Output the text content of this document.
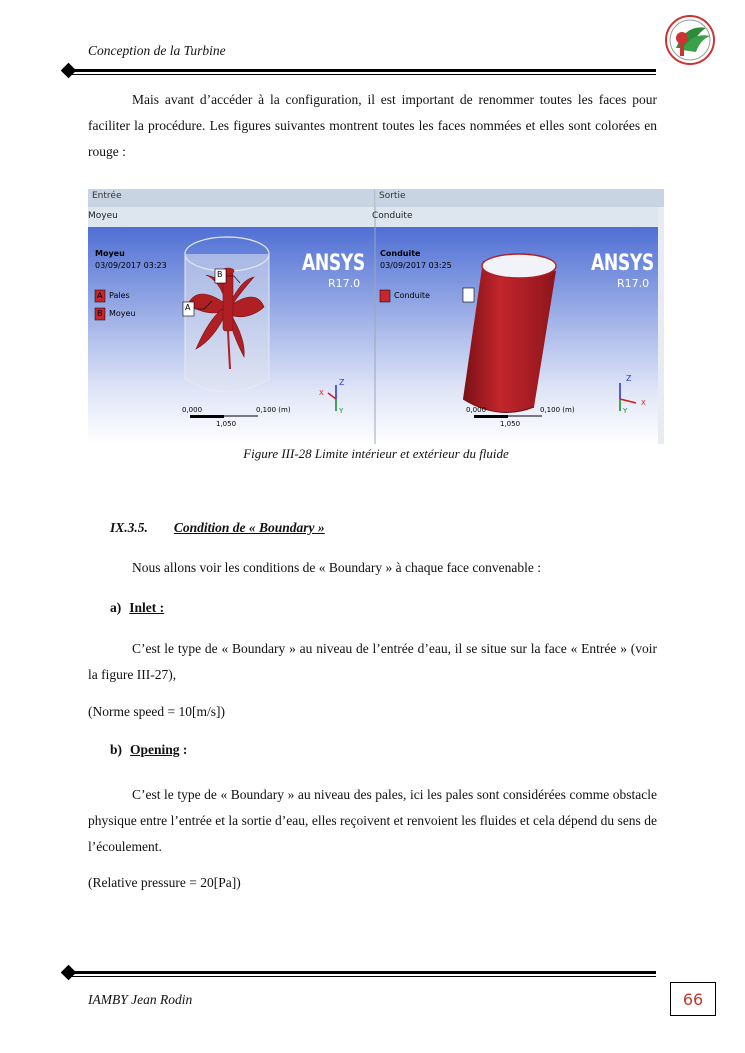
Conception de la Turbine
Mais avant d’accéder à la configuration, il est important de renommer toutes les faces pour faciliter la procédure. Les figures suivantes montrent toutes les faces nommées et elles sont colorées en rouge :
Entrée
Moyeu
Moyeu
03/09/2017 03:23
A Pales
B Moyeu
B
A
ANSYS
R17.0
0,000	0,100 (m)
1,050
Z
X
Y
Sortie
Conduite
Conduite
03/09/2017 03:25
Conduite
ANSYS
R17.0
0,000	0,100 (m)
1,050
Z
X
Y
Figure III-28 Limite intérieur et extérieur du fluide
IX.3.5. Condition de « Boundary »
Nous allons voir les conditions de « Boundary » à chaque face convenable :
a) Inlet :
C’est le type de « Boundary » au niveau de l’entrée d’eau, il se situe sur la face « Entrée » (voir la figure III-27),
(Norme speed = 10[m/s])
b) Opening :
C’est le type de « Boundary » au niveau des pales, ici les pales sont considérées comme obstacle physique entre l’entrée et la sortie d’eau, elles reçoivent et renvoient les fluides et cela dépend du sens de l’écoulement.
(Relative pressure = 20[Pa])
IAMBY Jean Rodin	66
